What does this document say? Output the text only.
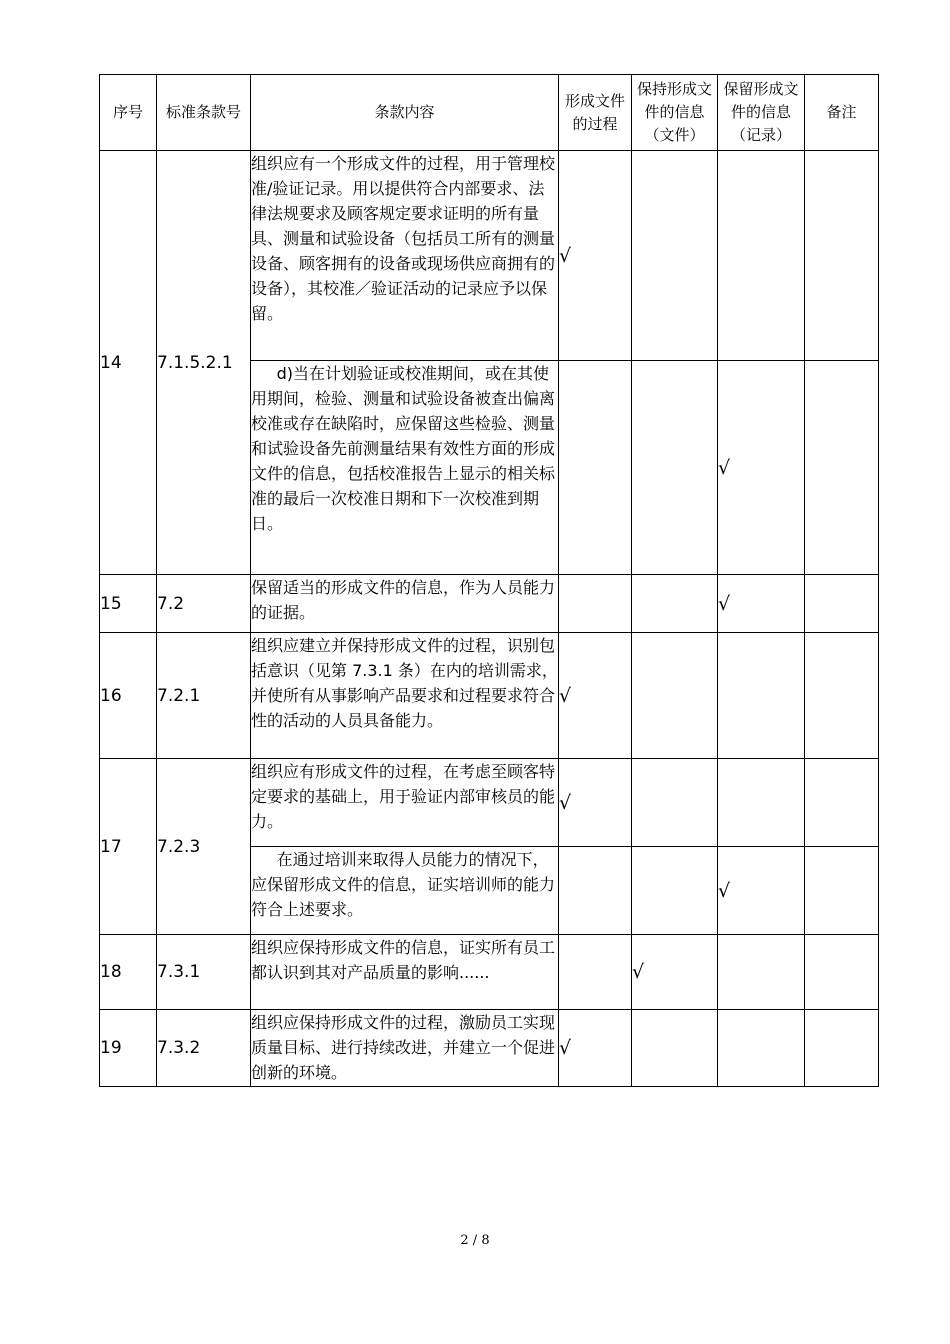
序号	标准条款号	条款内容	形成文件的过程	保持形成文件的信息（文件）	保留形成文件的信息（记录）	备注
14	7.1.5.2.1	组织应有一个形成文件的过程，用于管理校准/验证记录。用以提供符合内部要求、法律法规要求及顾客规定要求证明的所有量具、测量和试验设备（包括员工所有的测量设备、顾客拥有的设备或现场供应商拥有的设备），其校准／验证活动的记录应予以保留。	√			
		d)当在计划验证或校准期间，或在其使用期间，检验、测量和试验设备被查出偏离校准或存在缺陷时，应保留这些检验、测量和试验设备先前测量结果有效性方面的形成文件的信息，包括校准报告上显示的相关标准的最后一次校准日期和下一次校准到期日。			√	
15	7.2	保留适当的形成文件的信息，作为人员能力的证据。			√	
16	7.2.1	组织应建立并保持形成文件的过程，识别包括意识（见第 7.3.1 条）在内的培训需求，并使所有从事影响产品要求和过程要求符合性的活动的人员具备能力。	√			
17	7.2.3	组织应有形成文件的过程，在考虑至顾客特定要求的基础上，用于验证内部审核员的能力。	√			
		在通过培训来取得人员能力的情况下，应保留形成文件的信息，证实培训师的能力符合上述要求。			√	
18	7.3.1	组织应保持形成文件的信息，证实所有员工都认识到其对产品质量的影响......		√		
19	7.3.2	组织应保持形成文件的过程，激励员工实现质量目标、进行持续改进，并建立一个促进创新的环境。	√			
2 / 8
